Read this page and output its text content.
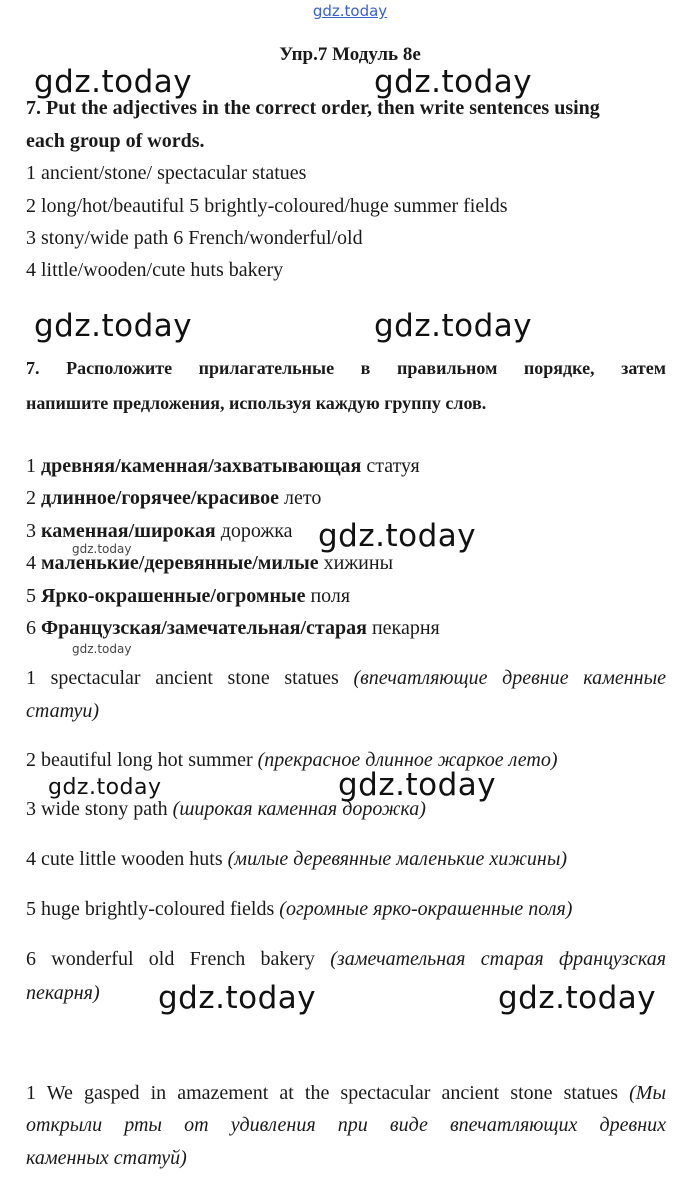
gdz.today
Упр.7 Модуль 8е
gdz.today	gdz.today
7. Put the adjectives in the correct order, then write sentences using
each group of words.
1 ancient/stone/ spectacular statues
2 long/hot/beautiful 5 brightly-coloured/huge summer fields
3 stony/wide path 6 French/wonderful/old
4 little/wooden/cute huts bakery
gdz.today	gdz.today
7. Расположите прилагательные в правильном порядке, затем
напишите предложения, используя каждую группу слов.
1 древняя/каменная/захватывающая статуя
2 длинное/горячее/красивое лето
3 каменная/широкая дорожка
4 маленькие/деревянные/милые хижины
5 Ярко-окрашенные/огромные поля
6 Французская/замечательная/старая пекарня
gdz.today
gdz.today
gdz.today
1 spectacular ancient stone statues (впечатляющие древние каменные
статуи)
2 beautiful long hot summer (прекрасное длинное жаркое лето)
gdz.today	gdz.today
3 wide stony path (широкая каменная дорожка)
4 cute little wooden huts (милые деревянные маленькие хижины)
5 huge brightly-coloured fields (огромные ярко-окрашенные поля)
6 wonderful old French bakery (замечательная старая французская
пекарня) gdz.today	gdz.today
1 We gasped in amazement at the spectacular ancient stone statues (Мы
открыли рты от удивления при виде впечатляющих древних
каменных статуй)
